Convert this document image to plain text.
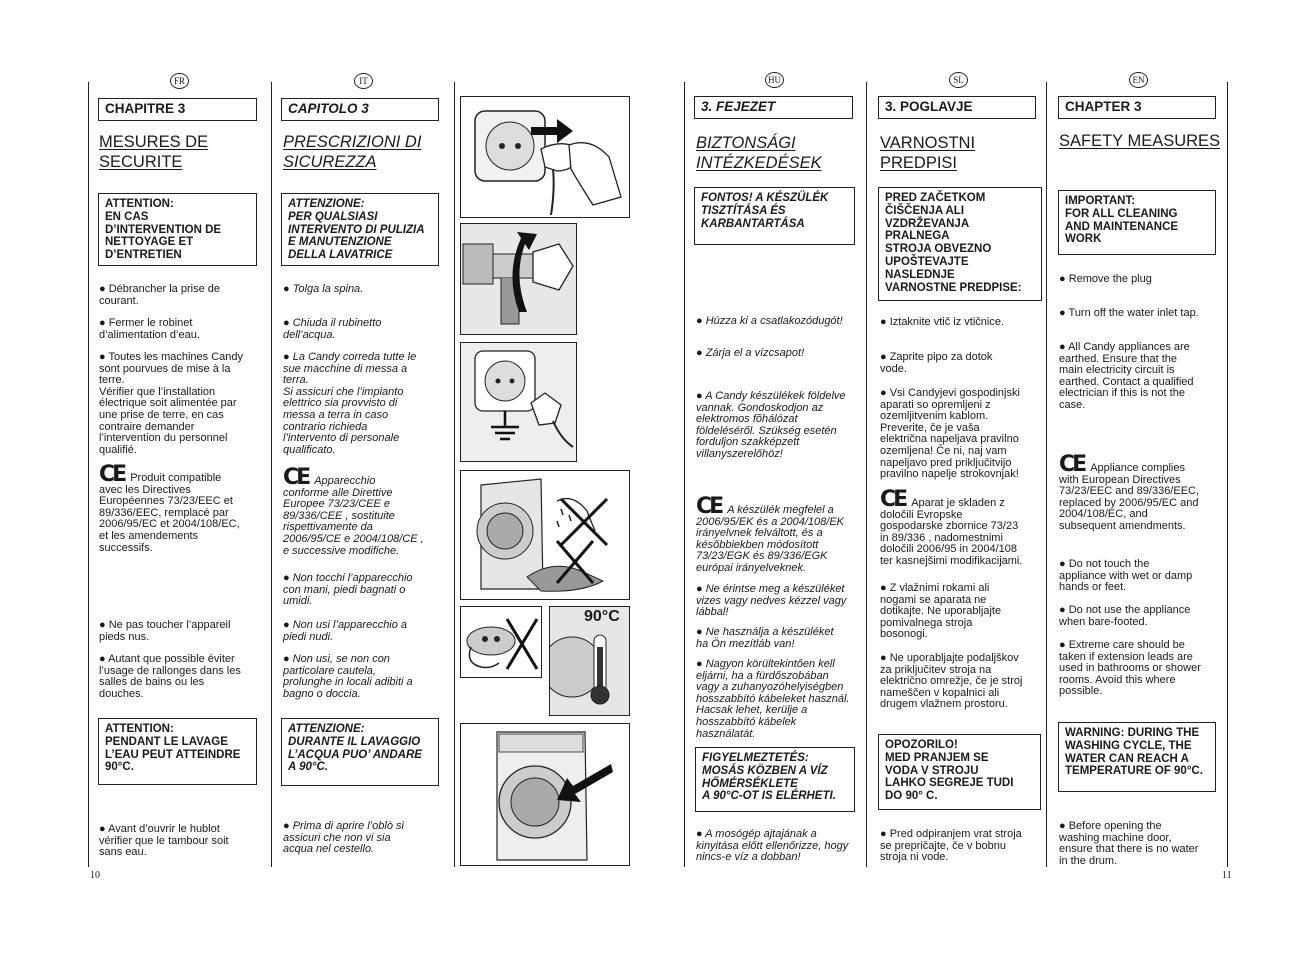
10	11
FR	IT	HU	SL	EN
CHAPITRE 3
MESURES DE
SECURITE
ATTENTION:
EN CAS
D’INTERVENTION DE
NETTOYAGE ET
D’ENTRETIEN
● Débrancher la prise de
courant.
● Fermer le robinet
d’alimentation d’eau.
● Toutes les machines Candy
sont pourvues de mise à la
terre.
Vérifier que l’installation
électrique soit alimentée par
une prise de terre, en cas
contraire demander
l’intervention du personnel
qualifié.
CE Produit compatible
avec les Directives
Européennes 73/23/EEC et
89/336/EEC, remplacé par
2006/95/EC et 2004/108/EC,
et les amendements
successifs.
● Ne pas toucher l’appareil
pieds nus.
● Autant que possible éviter
l’usage de rallonges dans les
salles de bains ou les
douches.
ATTENTION:
PENDANT LE LAVAGE
L’EAU PEUT ATTEINDRE
90°C.
● Avant d’ouvrir le hublot
vérifier que le tambour soit
sans eau.
CAPITOLO 3
PRESCRIZIONI DI
SICUREZZA
ATTENZIONE:
PER QUALSIASI
INTERVENTO DI PULIZIA
E MANUTENZIONE
DELLA LAVATRICE
● Tolga la spina.
● Chiuda il rubinetto
dell’acqua.
● La Candy correda tutte le
sue macchine di messa a
terra.
Si assicuri che l’impianto
elettrico sia provvisto di
messa a terra in caso
contrario richieda
l’intervento di personale
qualificato.
CE Apparecchio
conforme alle Direttive
Europee 73/23/CEE e
89/336/CEE , sostituite
rispettivamente da
2006/95/CE e 2004/108/CE ,
e successive modifiche.
● Non tocchi l’apparecchio
con mani, piedi bagnati o
umidi.
● Non usi l’apparecchio a
piedi nudi.
● Non usi, se non con
particolare cautela,
prolunghe in locali adibiti a
bagno o doccia.
ATTENZIONE:
DURANTE IL LAVAGGIO
L’ACQUA PUO’ ANDARE
A 90°C.
● Prima di aprire l’oblò si
assicuri che non vi sia
acqua nel cestello.
90°C
3. FEJEZET
BIZTONSÁGI
INTÉZKEDÉSEK
FONTOS! A KÉSZÜLÉK
TISZTÍTÁSA ÉS
KARBANTARTÁSA
● Húzza ki a csatlakozódugót!
● Zárja el a vízcsapot!
● A Candy készülékek földelve
vannak. Gondoskodjon az
elektromos fõhálózat
földeléséről. Szükség esetén
forduljon szakképzett
villanyszerelőhöz!
CE A készülék megfelel a
2006/95/EK és a 2004/108/EK
irányelvnek felváltott, és a
későbbiekben módosított
73/23/EGK és 89/336/EGK
európai irányelveknek.
● Ne érintse meg a készüléket
vizes vagy nedves kézzel vagy
lábbal!
● Ne használja a készüléket
ha Ön mezítláb van!
● Nagyon körültekintően kell
eljárni, ha a fürdőszobában
vagy a zuhanyozóhelyiségben
hosszabbító kábeleket használ.
Hacsak lehet, kerülje a
hosszabbító kábelek
használatát.
FIGYELMEZTETÉS:
MOSÁS KÖZBEN A VÍZ
HŐMÉRSÉKLETE
A 90°C-OT IS ELÉRHETI.
● A mosógép ajtajának a
kinyitása előtt ellenőrizze, hogy
nincs-e víz a dobban!
3. POGLAVJE
VARNOSTNI
PREDPISI
PRED ZAČETKOM
ČIŠČENJA ALI
VZDRŽEVANJA
PRALNEGA
STROJA OBVEZNO
UPOŠTEVAJTE
NASLEDNJE
VARNOSTNE PREDPISE:
● Iztaknite vtič iz vtičnice.
● Zaprite pipo za dotok
vode.
● Vsi Candyjevi gospodinjski
aparati so opremljeni z
ozemljitvenim kablom.
Preverite, če je vaša
električna napeljava pravilno
ozemljena! Če ni, naj vam
napeljavo pred priključitvijo
pravilno napelje strokovnjak!
CE Aparat je skladen z
določili Evropske
gospodarske zbornice 73/23
in 89/336 , nadomestnimi
določili 2006/95 in 2004/108
ter kasnejšimi modifikacijami.
● Z vlažnimi rokami ali
nogami se aparata ne
dotikajte. Ne uporabljajte
pomivalnega stroja
bosonogi.
● Ne uporabljajte podaljškov
za priključitev stroja na
električno omrežje, če je stroj
nameščen v kopalnici ali
drugem vlažnem prostoru.
OPOZORILO!
MED PRANJEM SE
VODA V STROJU
LAHKO SEGREJE TUDI
DO 90° C.
● Pred odpiranjem vrat stroja
se prepričajte, če v bobnu
stroja ni vode.
CHAPTER 3
SAFETY MEASURES
IMPORTANT:
FOR ALL CLEANING
AND MAINTENANCE
WORK
● Remove the plug
● Turn off the water inlet tap.
● All Candy appliances are
earthed. Ensure that the
main electricity circuit is
earthed. Contact a qualified
electrician if this is not the
case.
CE Appliance complies
with European Directives
73/23/EEC and 89/336/EEC,
replaced by 2006/95/EC and
2004/108/EC, and
subsequent amendments.
● Do not touch the
appliance with wet or damp
hands or feet.
● Do not use the appliance
when bare-footed.
● Extreme care should be
taken if extension leads are
used in bathrooms or shower
rooms. Avoid this where
possible.
WARNING: DURING THE
WASHING CYCLE, THE
WATER CAN REACH A
TEMPERATURE OF 90°C.
● Before opening the
washing machine door,
ensure that there is no water
in the drum.
